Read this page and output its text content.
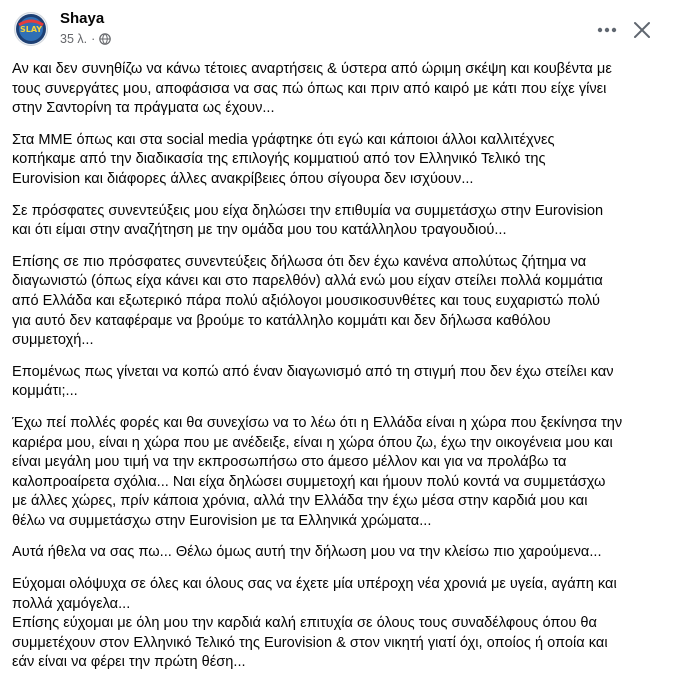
SLAY
Shaya
35 λ. ·

Αν και δεν συνηθίζω να κάνω τέτοιες αναρτήσεις & ύστερα από ώριμη σκέψη και κουβέντα με
τους συνεργάτες μου, αποφάσισα να σας πώ όπως και πριν από καιρό με κάτι που είχε γίνει
στην Σαντορίνη τα πράγματα ως έχουν...

Στα ΜΜΕ όπως και στα social media γράφτηκε ότι εγώ και κάποιοι άλλοι καλλιτέχνες
κοπήκαμε από την διαδικασία της επιλογής κομματιού από τον Ελληνικό Τελικό της
Eurovision και διάφορες άλλες ανακρίβειες όπου σίγουρα δεν ισχύουν...

Σε πρόσφατες συνεντεύξεις μου είχα δηλώσει την επιθυμία να συμμετάσχω στην Eurovision
και ότι είμαι στην αναζήτηση με την ομάδα μου του κατάλληλου τραγουδιού...

Επίσης σε πιο πρόσφατες συνεντεύξεις δήλωσα ότι δεν έχω κανένα απολύτως ζήτημα να
διαγωνιστώ (όπως είχα κάνει και στο παρελθόν) αλλά ενώ μου είχαν στείλει πολλά κομμάτια
από Ελλάδα και εξωτερικό πάρα πολύ αξιόλογοι μουσικοσυνθέτες και τους ευχαριστώ πολύ
για αυτό δεν καταφέραμε να βρούμε το κατάλληλο κομμάτι και δεν δήλωσα καθόλου
συμμετοχή...

Επομένως πως γίνεται να κοπώ από έναν διαγωνισμό από τη στιγμή που δεν έχω στείλει καν
κομμάτι;...

Έχω πεί πολλές φορές και θα συνεχίσω να το λέω ότι η Ελλάδα είναι η χώρα που ξεκίνησα την
καριέρα μου, είναι η χώρα που με ανέδειξε, είναι η χώρα όπου ζω, έχω την οικογένεια μου και
είναι μεγάλη μου τιμή να την εκπροσωπήσω στο άμεσο μέλλον και για να προλάβω τα
καλοπροαίρετα σχόλια... Ναι είχα δηλώσει συμμετοχή και ήμουν πολύ κοντά να συμμετάσχω
με άλλες χώρες, πρίν κάποια χρόνια, αλλά την Ελλάδα την έχω μέσα στην καρδιά μου και
θέλω να συμμετάσχω στην Eurovision με τα Ελληνικά χρώματα...

Αυτά ήθελα να σας πω... Θέλω όμως αυτή την δήλωση μου να την κλείσω πιο χαρούμενα...

Εύχομαι ολόψυχα σε όλες και όλους σας να έχετε μία υπέροχη νέα χρονιά με υγεία, αγάπη και
πολλά χαμόγελα...

Επίσης εύχομαι με όλη μου την καρδιά καλή επιτυχία σε όλους τους συναδέλφους όπου θα
συμμετέχουν στον Ελληνικό Τελικό της Eurovision & στον νικητή γιατί όχι, οποίος ή οποία και
εάν είναι να φέρει την πρώτη θέση...
